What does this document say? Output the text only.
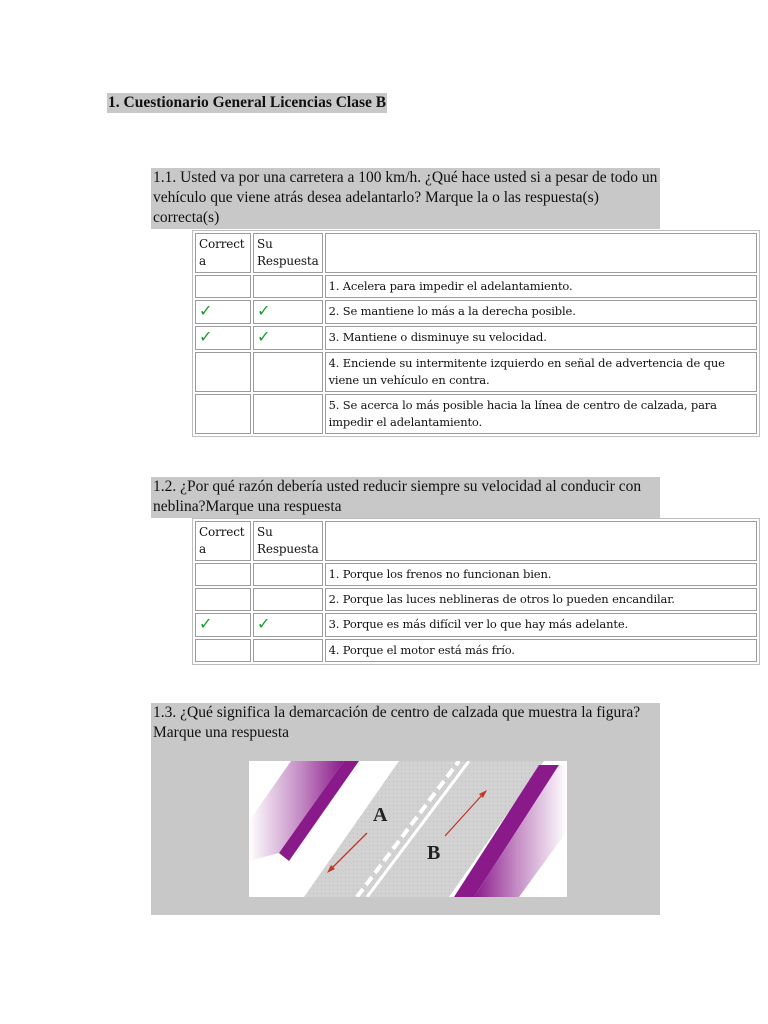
1. Cuestionario General Licencias Clase B
1.1. Usted va por una carretera a 100 km/h. ¿Qué hace usted si a pesar de todo un vehículo que viene atrás desea adelantarlo? Marque la o las respuesta(s) correcta(s)
Correct a	Su Respuesta	
		1. Acelera para impedir el adelantamiento.
✓	✓	2. Se mantiene lo más a la derecha posible.
✓	✓	3. Mantiene o disminuye su velocidad.
		4. Enciende su intermitente izquierdo en señal de advertencia de que viene un vehículo en contra.
		5. Se acerca lo más posible hacia la línea de centro de calzada, para impedir el adelantamiento.
1.2. ¿Por qué razón debería usted reducir siempre su velocidad al conducir con neblina?Marque una respuesta
Correct a	Su Respuesta	
		1. Porque los frenos no funcionan bien.
		2. Porque las luces neblineras de otros lo pueden encandilar.
✓	✓	3. Porque es más difícil ver lo que hay más adelante.
		4. Porque el motor está más frío.
1.3. ¿Qué significa la demarcación de centro de calzada que muestra la figura? Marque una respuesta
A
B
